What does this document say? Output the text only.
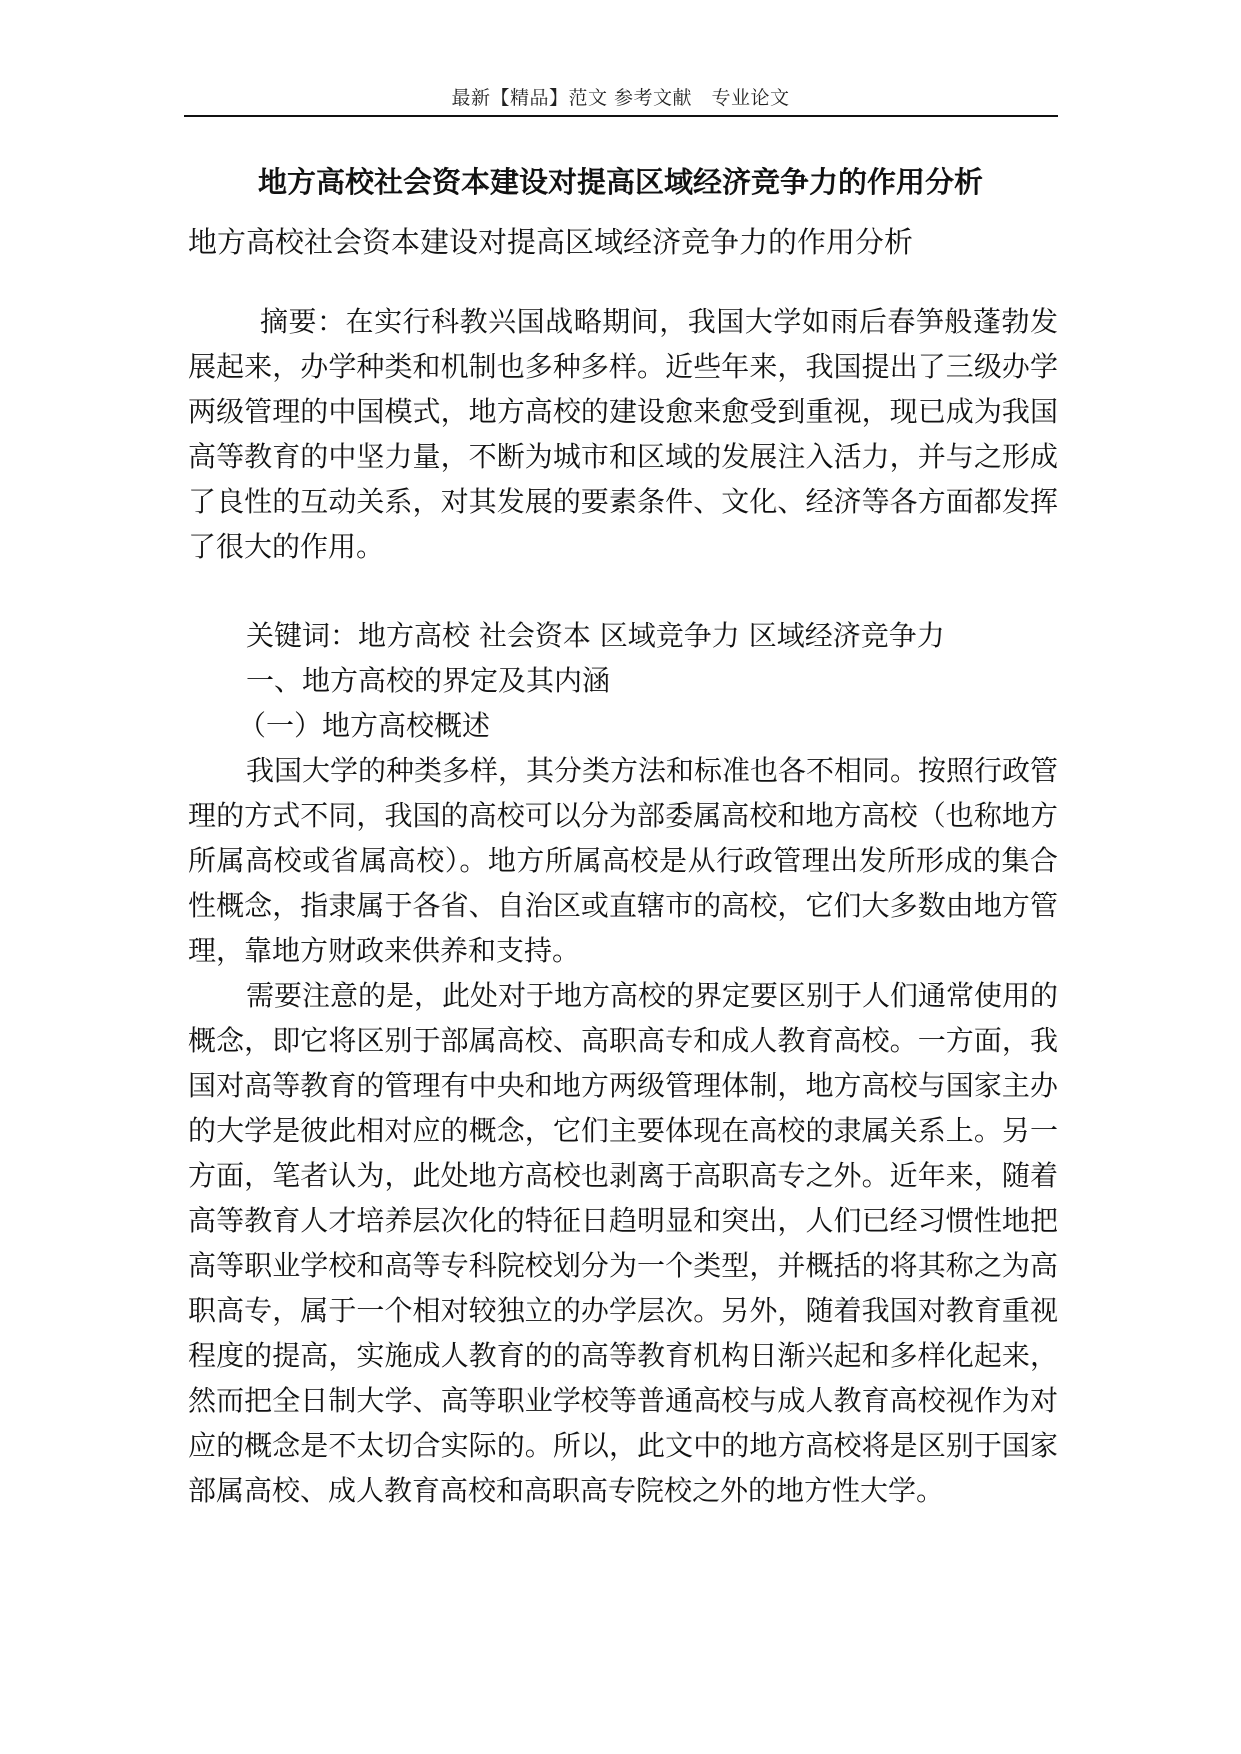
最新【精品】范文 参考文献　专业论文
地方高校社会资本建设对提高区域经济竞争力的作用分析

地方高校社会资本建设对提高区域经济竞争力的作用分析

摘要：在实行科教兴国战略期间，我国大学如雨后春笋般蓬勃发展起来，办学种类和机制也多种多样。近些年来，我国提出了三级办学两级管理的中国模式，地方高校的建设愈来愈受到重视，现已成为我国高等教育的中坚力量，不断为城市和区域的发展注入活力，并与之形成了良性的互动关系，对其发展的要素条件、文化、经济等各方面都发挥了很大的作用。

关键词：地方高校 社会资本 区域竞争力 区域经济竞争力

一、地方高校的界定及其内涵

（一）地方高校概述

我国大学的种类多样，其分类方法和标准也各不相同。按照行政管理的方式不同，我国的高校可以分为部委属高校和地方高校（也称地方所属高校或省属高校）。地方所属高校是从行政管理出发所形成的集合性概念，指隶属于各省、自治区或直辖市的高校，它们大多数由地方管理，靠地方财政来供养和支持。

需要注意的是，此处对于地方高校的界定要区别于人们通常使用的概念，即它将区别于部属高校、高职高专和成人教育高校。一方面，我国对高等教育的管理有中央和地方两级管理体制，地方高校与国家主办的大学是彼此相对应的概念，它们主要体现在高校的隶属关系上。另一方面，笔者认为，此处地方高校也剥离于高职高专之外。近年来，随着高等教育人才培养层次化的特征日趋明显和突出，人们已经习惯性地把高等职业学校和高等专科院校划分为一个类型，并概括的将其称之为高职高专，属于一个相对较独立的办学层次。另外，随着我国对教育重视程度的提高，实施成人教育的的高等教育机构日渐兴起和多样化起来，然而把全日制大学、高等职业学校等普通高校与成人教育高校视作为对应的概念是不太切合实际的。所以，此文中的地方高校将是区别于国家部属高校、成人教育高校和高职高专院校之外的地方性大学。
